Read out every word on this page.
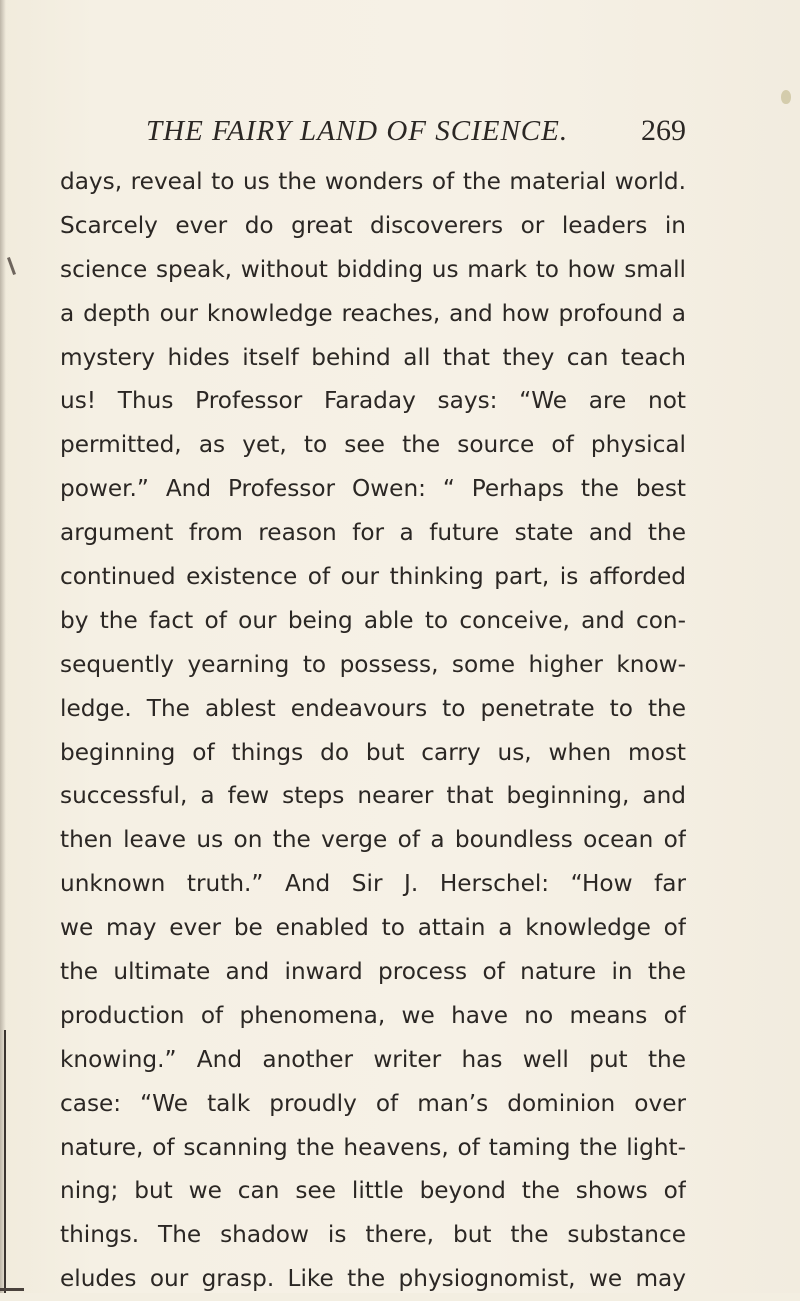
THE FAIRY LAND OF SCIENCE. 269
days, reveal to us the wonders of the material world.
Scarcely ever do great discoverers or leaders in
science speak, without bidding us mark to how small
a depth our knowledge reaches, and how profound a
mystery hides itself behind all that they can teach
us! Thus Professor Faraday says: “We are not
permitted, as yet, to see the source of physical
power.” And Professor Owen: “ Perhaps the best
argument from reason for a future state and the
continued existence of our thinking part, is afforded
by the fact of our being able to conceive, and con-
sequently yearning to possess, some higher know-
ledge. The ablest endeavours to penetrate to the
beginning of things do but carry us, when most
successful, a few steps nearer that beginning, and
then leave us on the verge of a boundless ocean of
unknown truth.” And Sir J. Herschel: “How far
we may ever be enabled to attain a knowledge of
the ultimate and inward process of nature in the
production of phenomena, we have no means of
knowing.” And another writer has well put the
case: “We talk proudly of man’s dominion over
nature, of scanning the heavens, of taming the light-
ning; but we can see little beyond the shows of
things. The shadow is there, but the substance
eludes our grasp. Like the physiognomist, we may
